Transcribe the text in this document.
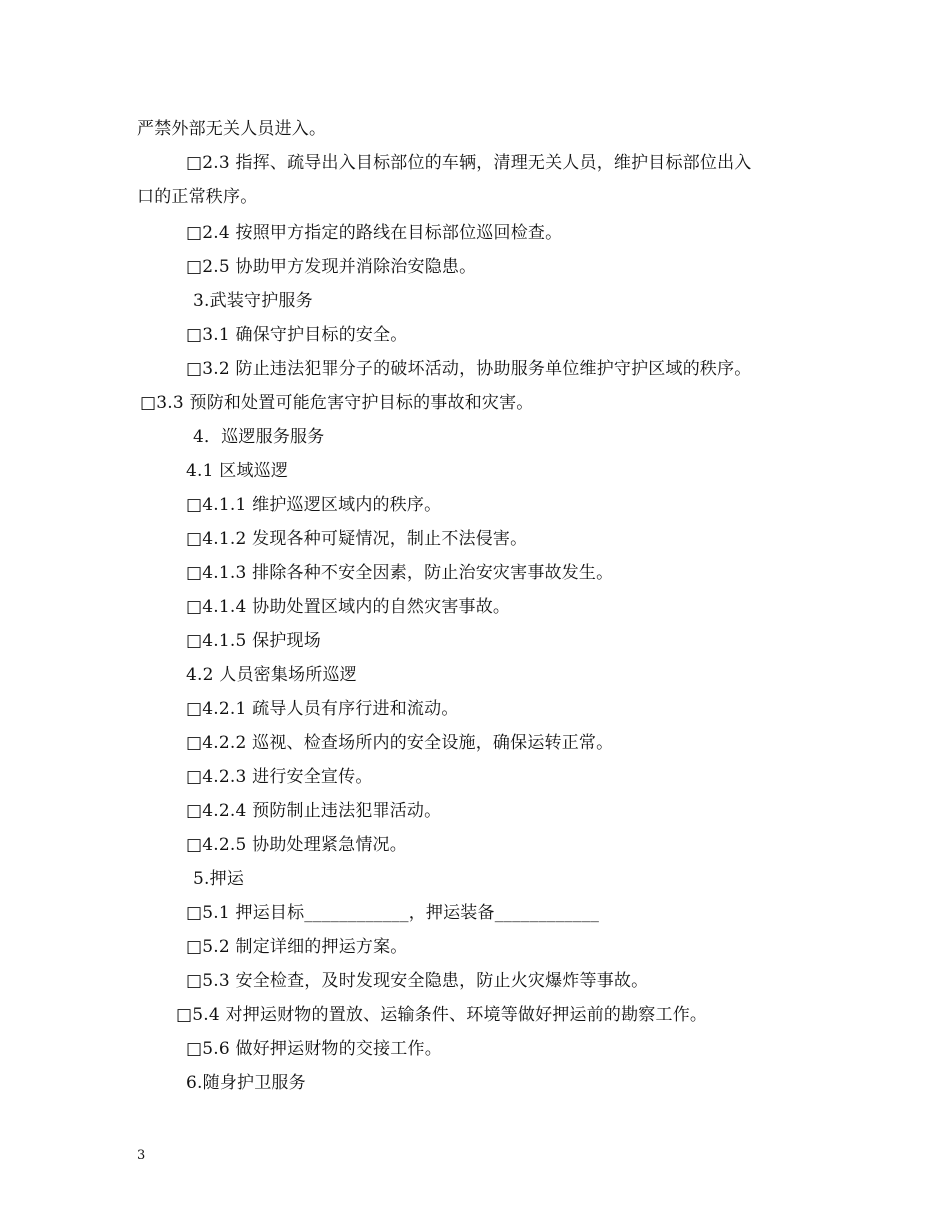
严禁外部无关人员进入。
□2.3 指挥、疏导出入目标部位的车辆，清理无关人员，维护目标部位出入
口的正常秩序。
□2.4 按照甲方指定的路线在目标部位巡回检查。
□2.5 协助甲方发现并消除治安隐患。
3.武装守护服务
□3.1 确保守护目标的安全。
□3.2 防止违法犯罪分子的破坏活动，协助服务单位维护守护区域的秩序。
□3.3 预防和处置可能危害守护目标的事故和灾害。
4．巡逻服务服务
4.1 区域巡逻
□4.1.1 维护巡逻区域内的秩序。
□4.1.2 发现各种可疑情况，制止不法侵害。
□4.1.3 排除各种不安全因素，防止治安灾害事故发生。
□4.1.4 协助处置区域内的自然灾害事故。
□4.1.5 保护现场
4.2 人员密集场所巡逻
□4.2.1 疏导人员有序行进和流动。
□4.2.2 巡视、检查场所内的安全设施，确保运转正常。
□4.2.3 进行安全宣传。
□4.2.4 预防制止违法犯罪活动。
□4.2.5 协助处理紧急情况。
5.押运
□5.1 押运目标____________，押运装备____________
□5.2 制定详细的押运方案。
□5.3 安全检查，及时发现安全隐患，防止火灾爆炸等事故。
□5.4 对押运财物的置放、运输条件、环境等做好押运前的勘察工作。
□5.6 做好押运财物的交接工作。
6.随身护卫服务
3
